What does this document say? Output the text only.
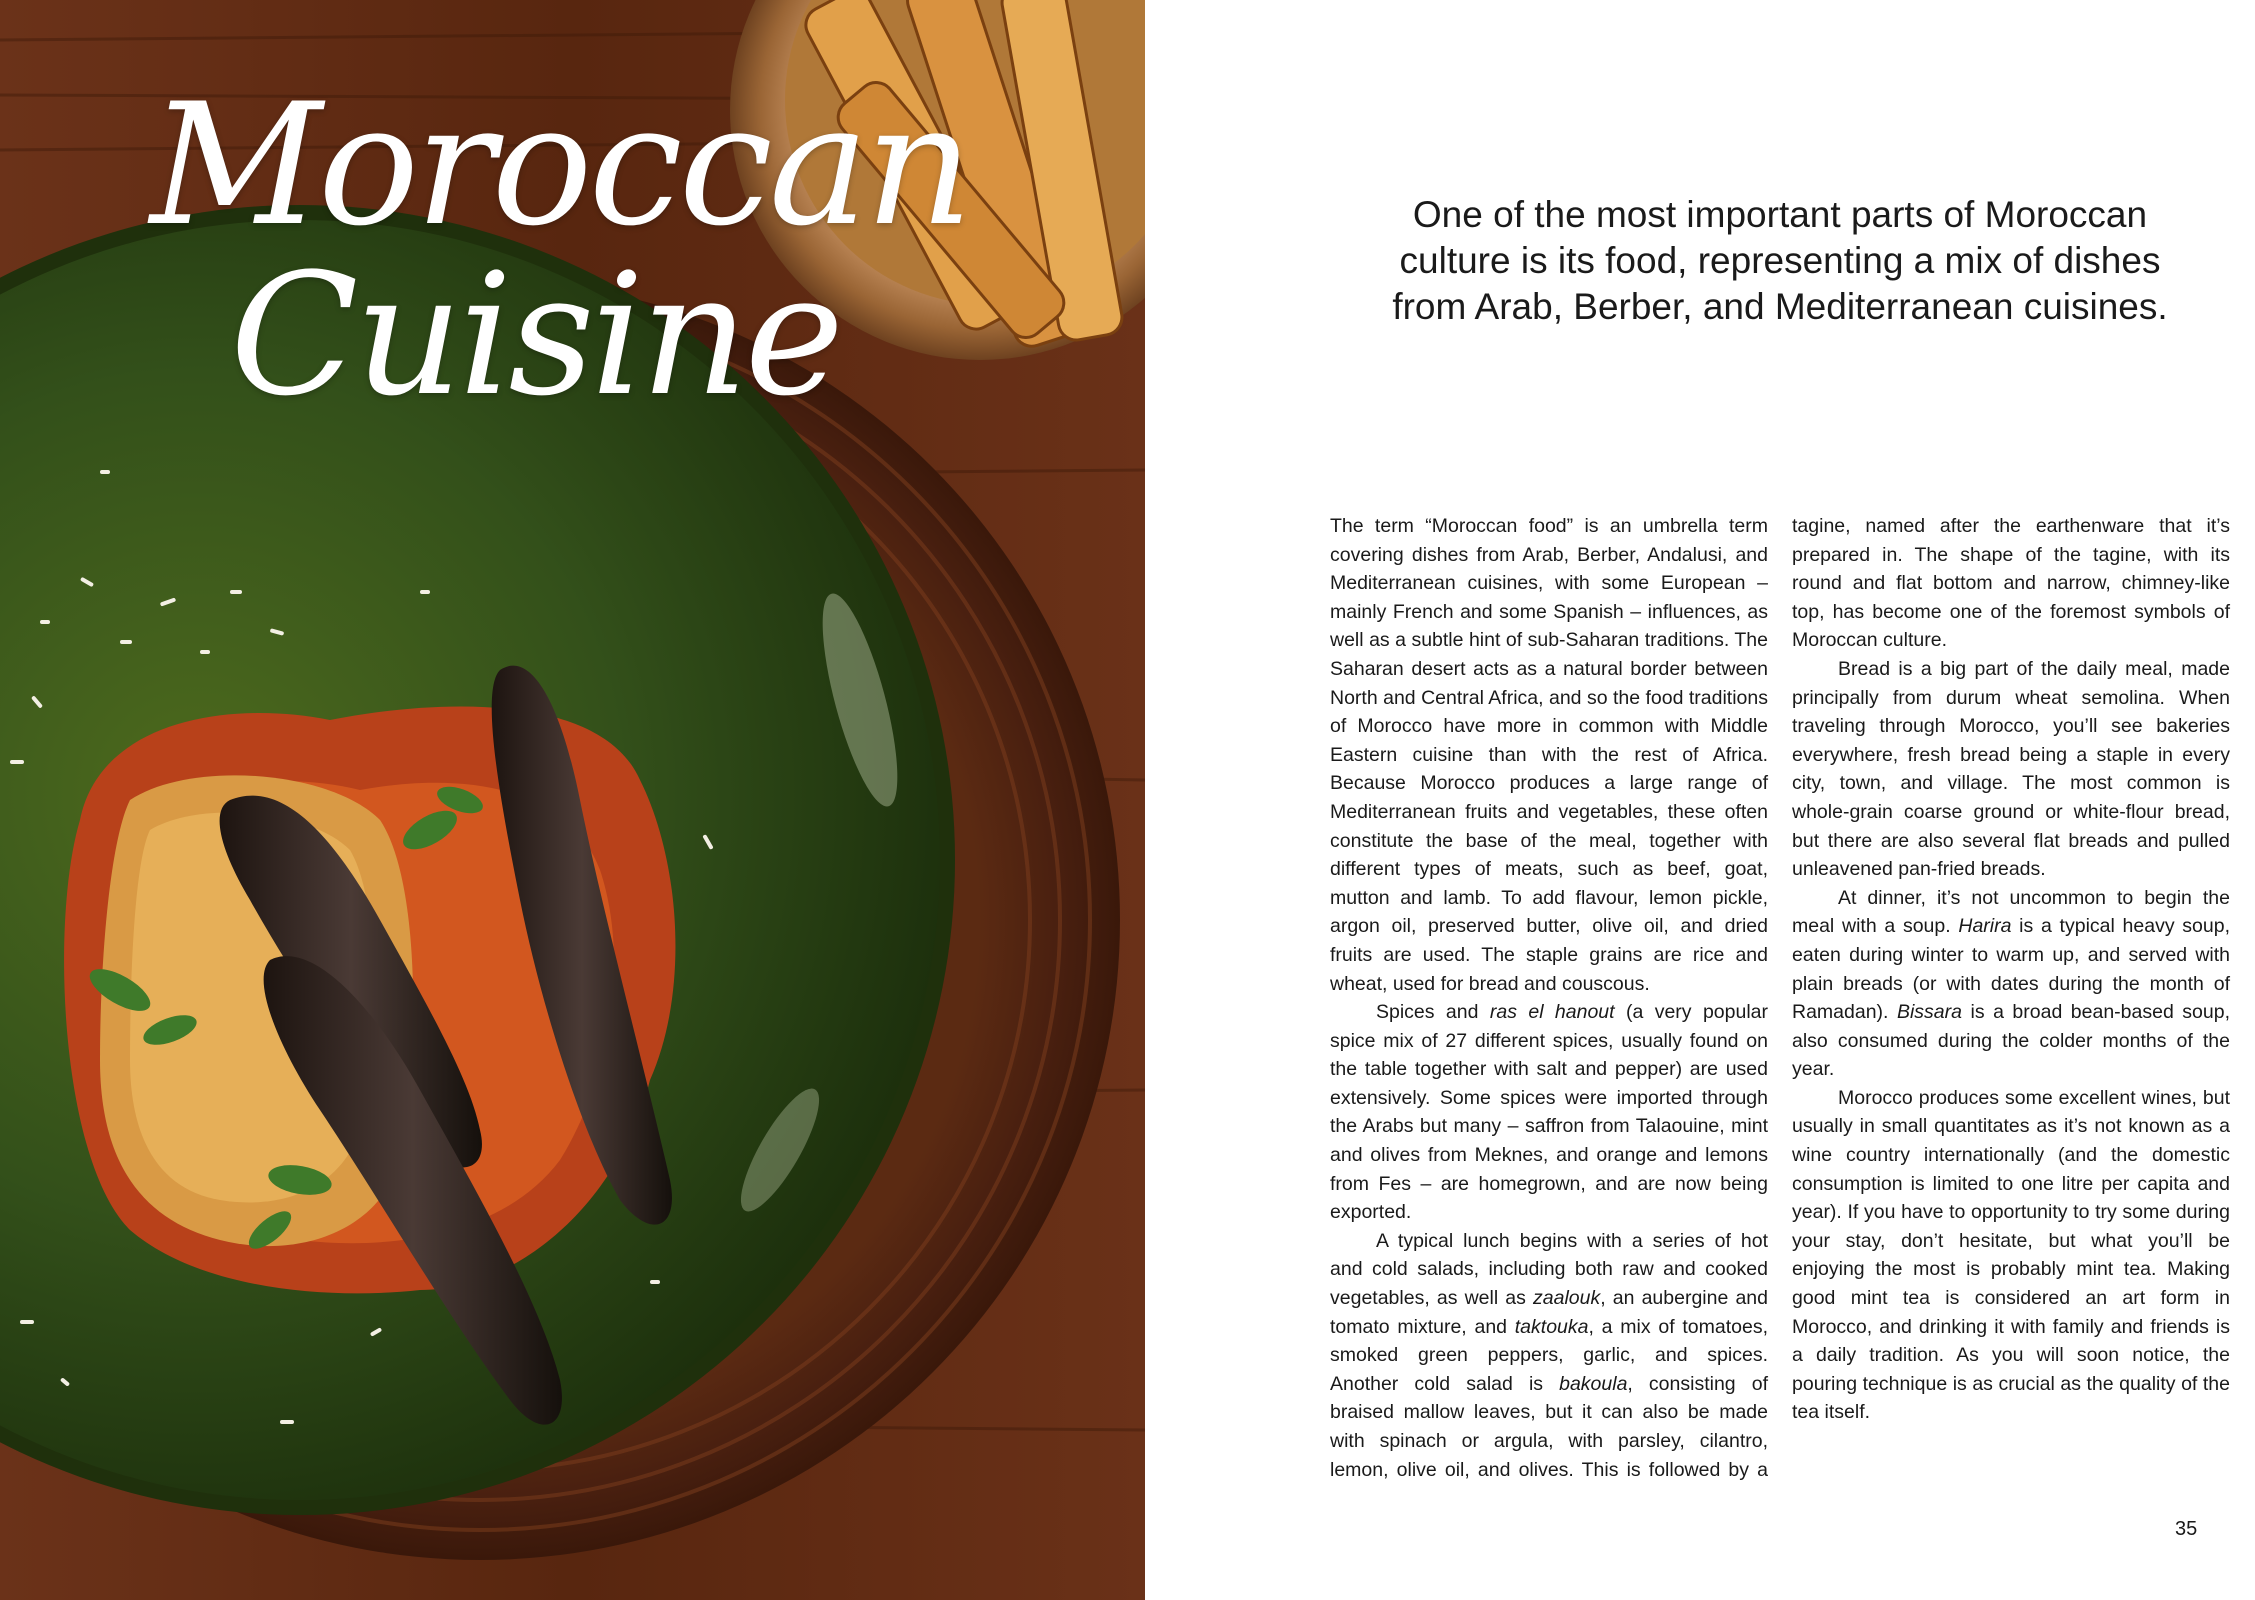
Moroccan
Cuisine
One of the most important parts of Moroccan culture is its food, representing a mix of dishes from Arab, Berber, and Mediterranean cuisines.

The term “Moroccan food” is an umbrella term covering dishes from Arab, Berber, Andalusi, and Mediterranean cuisines, with some European – mainly French and some Spanish – influences, as well as a subtle hint of sub-Saharan traditions. The Saharan desert acts as a natural border between North and Central Africa, and so the food traditions of Morocco have more in common with Middle Eastern cuisine than with the rest of Africa. Because Morocco produces a large range of Mediterranean fruits and vegetables, these often constitute the base of the meal, together with different types of meats, such as beef, goat, mutton and lamb. To add flavour, lemon pickle, argon oil, preserved butter, olive oil, and dried fruits are used. The staple grains are rice and wheat, used for bread and couscous.

Spices and ras el hanout (a very popular spice mix of 27 different spices, usually found on the table together with salt and pepper) are used extensively. Some spices were imported through the Arabs but many – saffron from Talaouine, mint and olives from Meknes, and orange and lemons from Fes – are homegrown, and are now being exported.

A typical lunch begins with a series of hot and cold salads, including both raw and cooked vegetables, as well as zaalouk, an aubergine and tomato mixture, and taktouka, a mix of tomatoes, smoked green peppers, garlic, and spices. Another cold salad is bakoula, consisting of braised mallow leaves, but it can also be made with spinach or argula, with parsley, cilantro, lemon, olive oil, and olives. This is followed by a tagine, named after the earthenware that it’s prepared in. The shape of the tagine, with its round and flat bottom and narrow, chimney-like top, has become one of the foremost symbols of Moroccan culture.

Bread is a big part of the daily meal, made principally from durum wheat semolina. When traveling through Morocco, you’ll see bakeries everywhere, fresh bread being a staple in every city, town, and village. The most common is whole-grain coarse ground or white-flour bread, but there are also several flat breads and pulled unleavened pan-fried breads.

At dinner, it’s not uncommon to begin the meal with a soup. Harira is a typical heavy soup, eaten during winter to warm up, and served with plain breads (or with dates during the month of Ramadan). Bissara is a broad bean-based soup, also consumed during the colder months of the year.

Morocco produces some excellent wines, but usually in small quantitates as it’s not known as a wine country internationally (and the domestic consumption is limited to one litre per capita and year). If you have to opportunity to try some during your stay, don’t hesitate, but what you’ll be enjoying the most is probably mint tea. Making good mint tea is considered an art form in Morocco, and drinking it with family and friends is a daily tradition. As you will soon notice, the pouring technique is as crucial as the quality of the tea itself.

35
